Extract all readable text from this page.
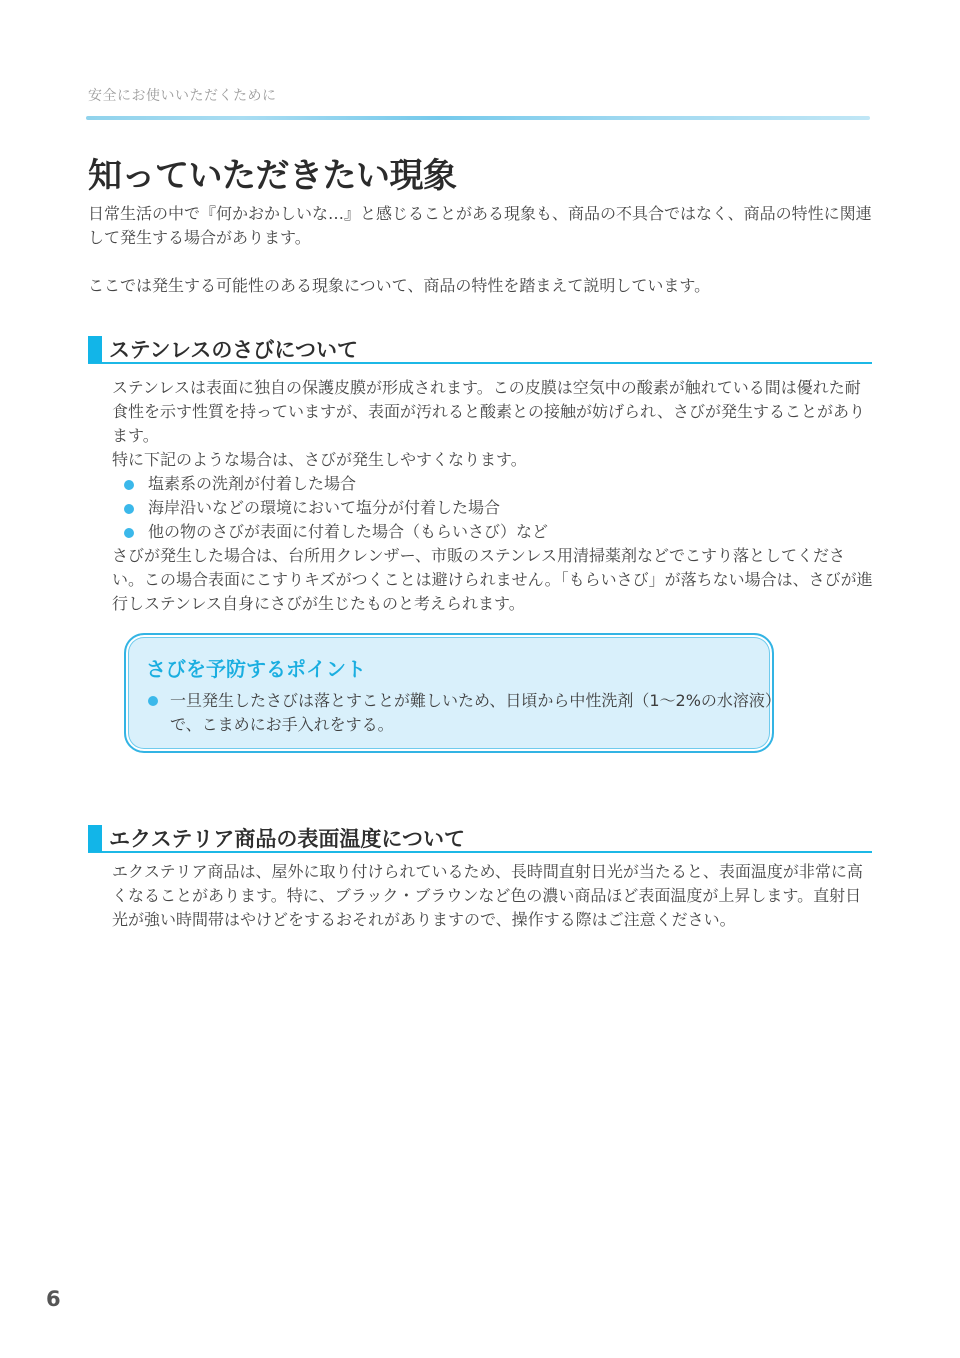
安全にお使いいただくために
知っていただきたい現象

日常生活の中で『何かおかしいな…』と感じることがある現象も、商品の不具合ではなく、商品の特性に関連して発生する場合があります。

ここでは発生する可能性のある現象について、商品の特性を踏まえて説明しています。

ステンレスのさびについて

ステンレスは表面に独自の保護皮膜が形成されます。この皮膜は空気中の酸素が触れている間は優れた耐食性を示す性質を持っていますが、表面が汚れると酸素との接触が妨げられ、さびが発生することがあります。

特に下記のような場合は、さびが発生しやすくなります。

塩素系の洗剤が付着した場合
海岸沿いなどの環境において塩分が付着した場合
他の物のさびが表面に付着した場合（もらいさび）など

さびが発生した場合は、台所用クレンザー、市販のステンレス用清掃薬剤などでこすり落としてください。この場合表面にこすりキズがつくことは避けられません。「もらいさび」が落ちない場合は、さびが進行しステンレス自身にさびが生じたものと考えられます。

さびを予防するポイント
一旦発生したさびは落とすことが難しいため、日頃から中性洗剤（1～2%の水溶液）で、こまめにお手入れをする。
エクステリア商品の表面温度について

エクステリア商品は、屋外に取り付けられているため、長時間直射日光が当たると、表面温度が非常に高くなることがあります。特に、ブラック・ブラウンなど色の濃い商品ほど表面温度が上昇します。直射日光が強い時間帯はやけどをするおそれがありますので、操作する際はご注意ください。

6
